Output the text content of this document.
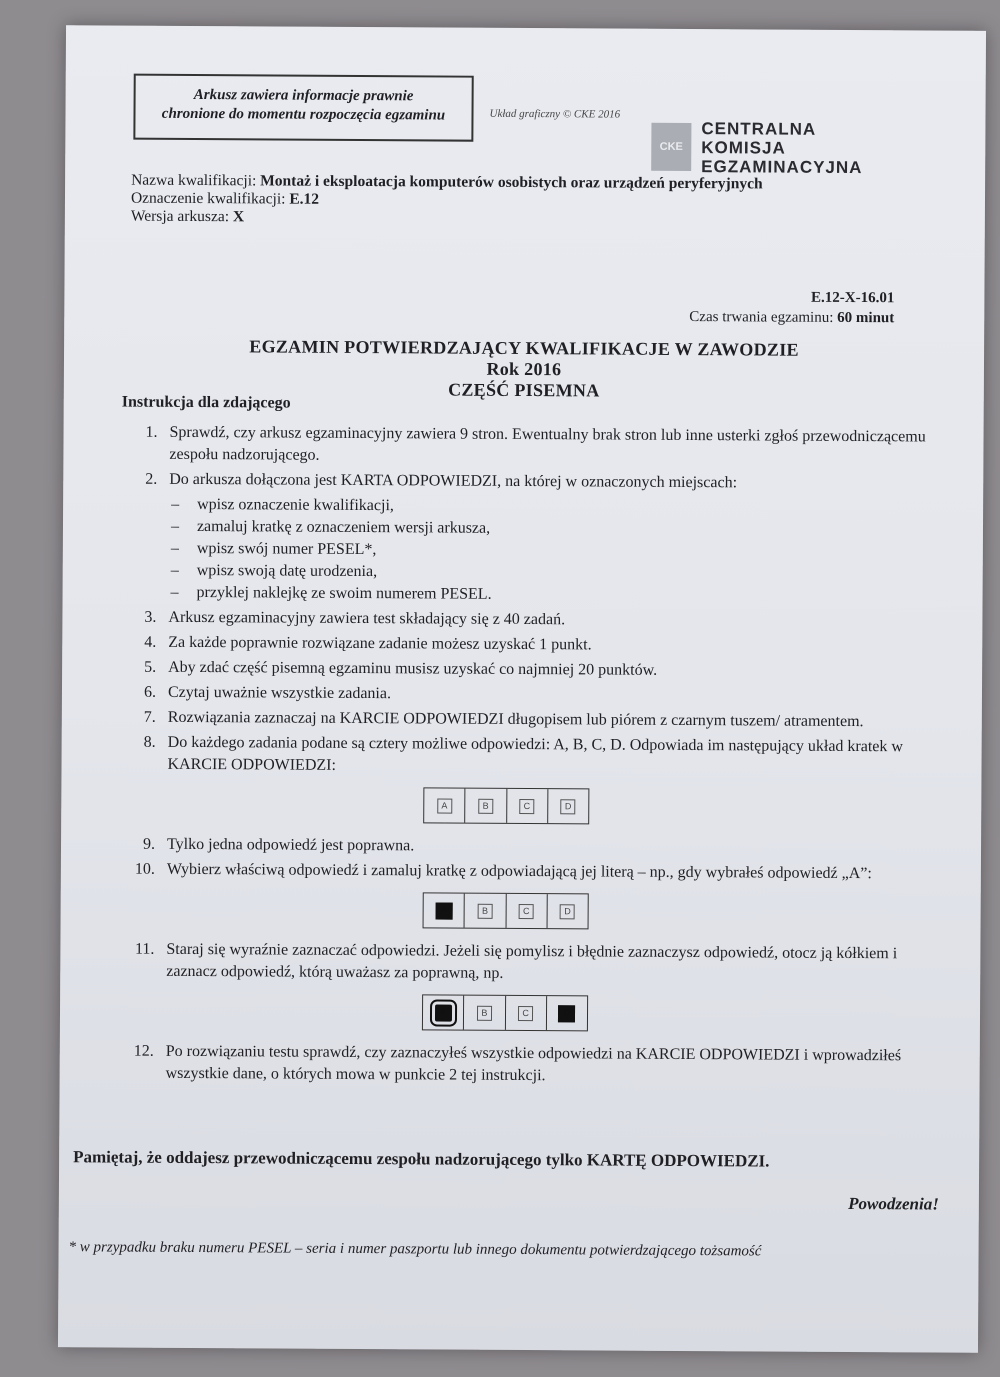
Arkusz zawiera informacje prawnie
chronione do momentu rozpoczęcia egzaminu	Układ graficzny © CKE 2016
CKE
CENTRALNA
KOMISJA
EGZAMINACYJNA
Nazwa kwalifikacji: Montaż i eksploatacja komputerów osobistych oraz urządzeń peryferyjnych
Oznaczenie kwalifikacji: E.12
Wersja arkusza: X
E.12-X-16.01
Czas trwania egzaminu: 60 minut
EGZAMIN POTWIERDZAJĄCY KWALIFIKACJE W ZAWODZIE
Rok 2016
CZĘŚĆ PISEMNA
Instrukcja dla zdającego
1. Sprawdź, czy arkusz egzaminacyjny zawiera 9 stron. Ewentualny brak stron lub inne usterki zgłoś przewodniczącemu zespołu nadzorującego.
2. Do arkusza dołączona jest KARTA ODPOWIEDZI, na której w oznaczonych miejscach:
–	wpisz oznaczenie kwalifikacji,
–	zamaluj kratkę z oznaczeniem wersji arkusza,
–	wpisz swój numer PESEL*,
–	wpisz swoją datę urodzenia,
–	przyklej naklejkę ze swoim numerem PESEL.
3. Arkusz egzaminacyjny zawiera test składający się z 40 zadań.
4. Za każde poprawnie rozwiązane zadanie możesz uzyskać 1 punkt.
5. Aby zdać część pisemną egzaminu musisz uzyskać co najmniej 20 punktów.
6. Czytaj uważnie wszystkie zadania.
7. Rozwiązania zaznaczaj na KARCIE ODPOWIEDZI długopisem lub piórem z czarnym tuszem/ atramentem.
8. Do każdego zadania podane są cztery możliwe odpowiedzi: A, B, C, D. Odpowiada im następujący układ kratek w KARCIE ODPOWIEDZI:
A	B	C	D
9. Tylko jedna odpowiedź jest poprawna.
10. Wybierz właściwą odpowiedź i zamaluj kratkę z odpowiadającą jej literą – np., gdy wybrałeś odpowiedź „A”:
A	B	C	D
11. Staraj się wyraźnie zaznaczać odpowiedzi. Jeżeli się pomylisz i błędnie zaznaczysz odpowiedź, otocz ją kółkiem i zaznacz odpowiedź, którą uważasz za poprawną, np.
A	B	C	D
12. Po rozwiązaniu testu sprawdź, czy zaznaczyłeś wszystkie odpowiedzi na KARCIE ODPOWIEDZI i wprowadziłeś wszystkie dane, o których mowa w punkcie 2 tej instrukcji.
Pamiętaj, że oddajesz przewodniczącemu zespołu nadzorującego tylko KARTĘ ODPOWIEDZI.
Powodzenia!
* w przypadku braku numeru PESEL – seria i numer paszportu lub innego dokumentu potwierdzającego tożsamość
